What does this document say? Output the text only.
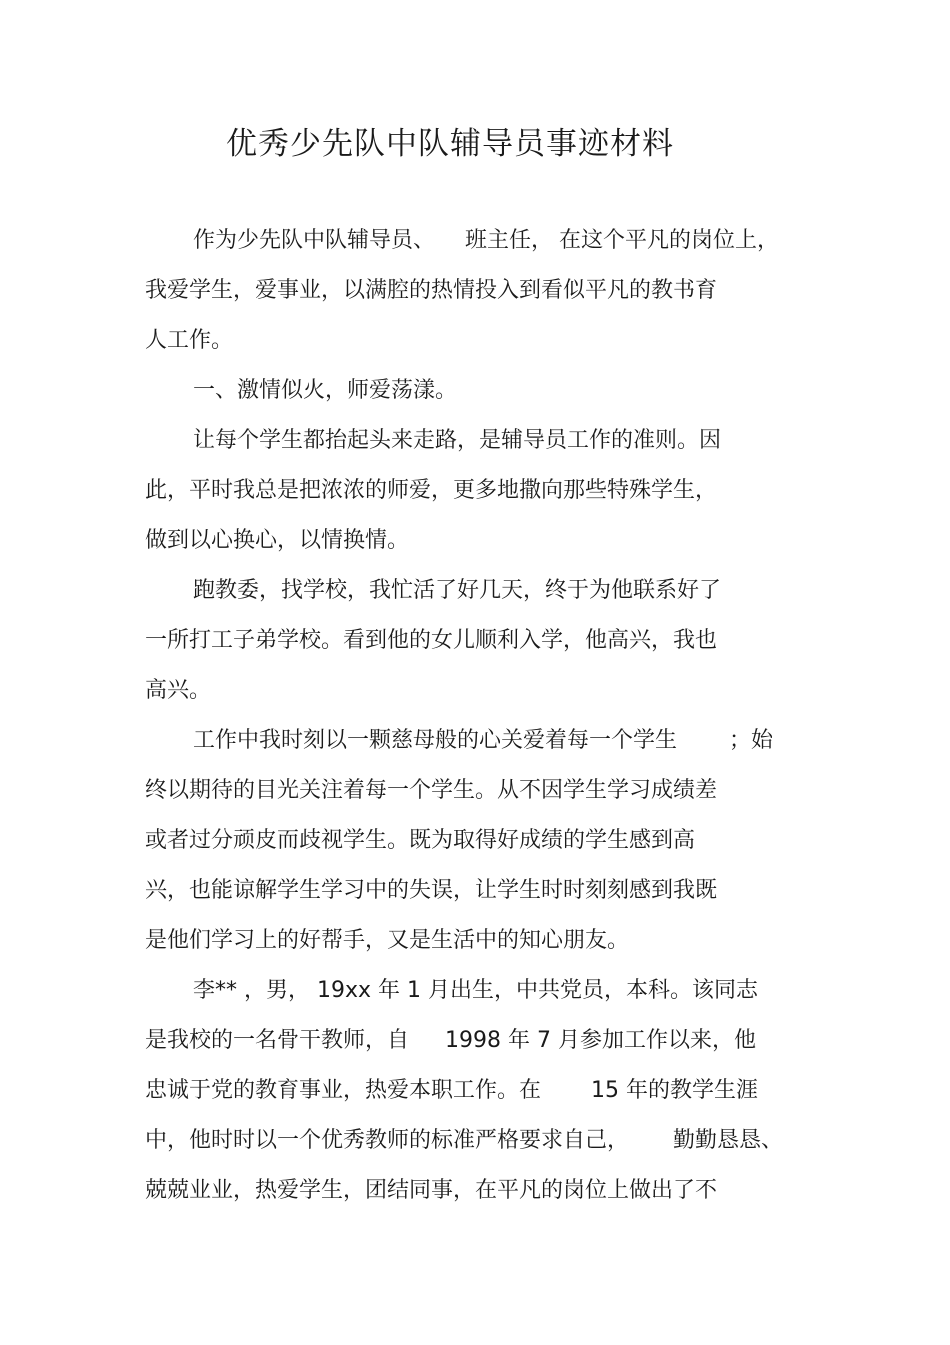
优秀少先队中队辅导员事迹材料
作为少先队中队辅导员、 班主任， 在这个平凡的岗位上，
我爱学生，爱事业，以满腔的热情投入到看似平凡的教书育
人工作。
一、激情似火，师爱荡漾。
让每个学生都抬起头来走路，是辅导员工作的准则。因
此，平时我总是把浓浓的师爱，更多地撒向那些特殊学生，
做到以心换心，以情换情。
跑教委，找学校，我忙活了好几天，终于为他联系好了
一所打工子弟学校。看到他的女儿顺利入学，他高兴，我也
高兴。
工作中我时刻以一颗慈母般的心关爱着每一个学生 ；始
终以期待的目光关注着每一个学生。从不因学生学习成绩差
或者过分顽皮而歧视学生。既为取得好成绩的学生感到高
兴，也能谅解学生学习中的失误，让学生时时刻刻感到我既
是他们学习上的好帮手，又是生活中的知心朋友。
李** ，男， 19xx 年 1 月出生，中共党员，本科。该同志
是我校的一名骨干教师，自 1998 年 7 月参加工作以来，他
忠诚于党的教育事业，热爱本职工作。在 15 年的教学生涯
中，他时时以一个优秀教师的标准严格要求自己， 勤勤恳恳、
兢兢业业，热爱学生，团结同事，在平凡的岗位上做出了不
